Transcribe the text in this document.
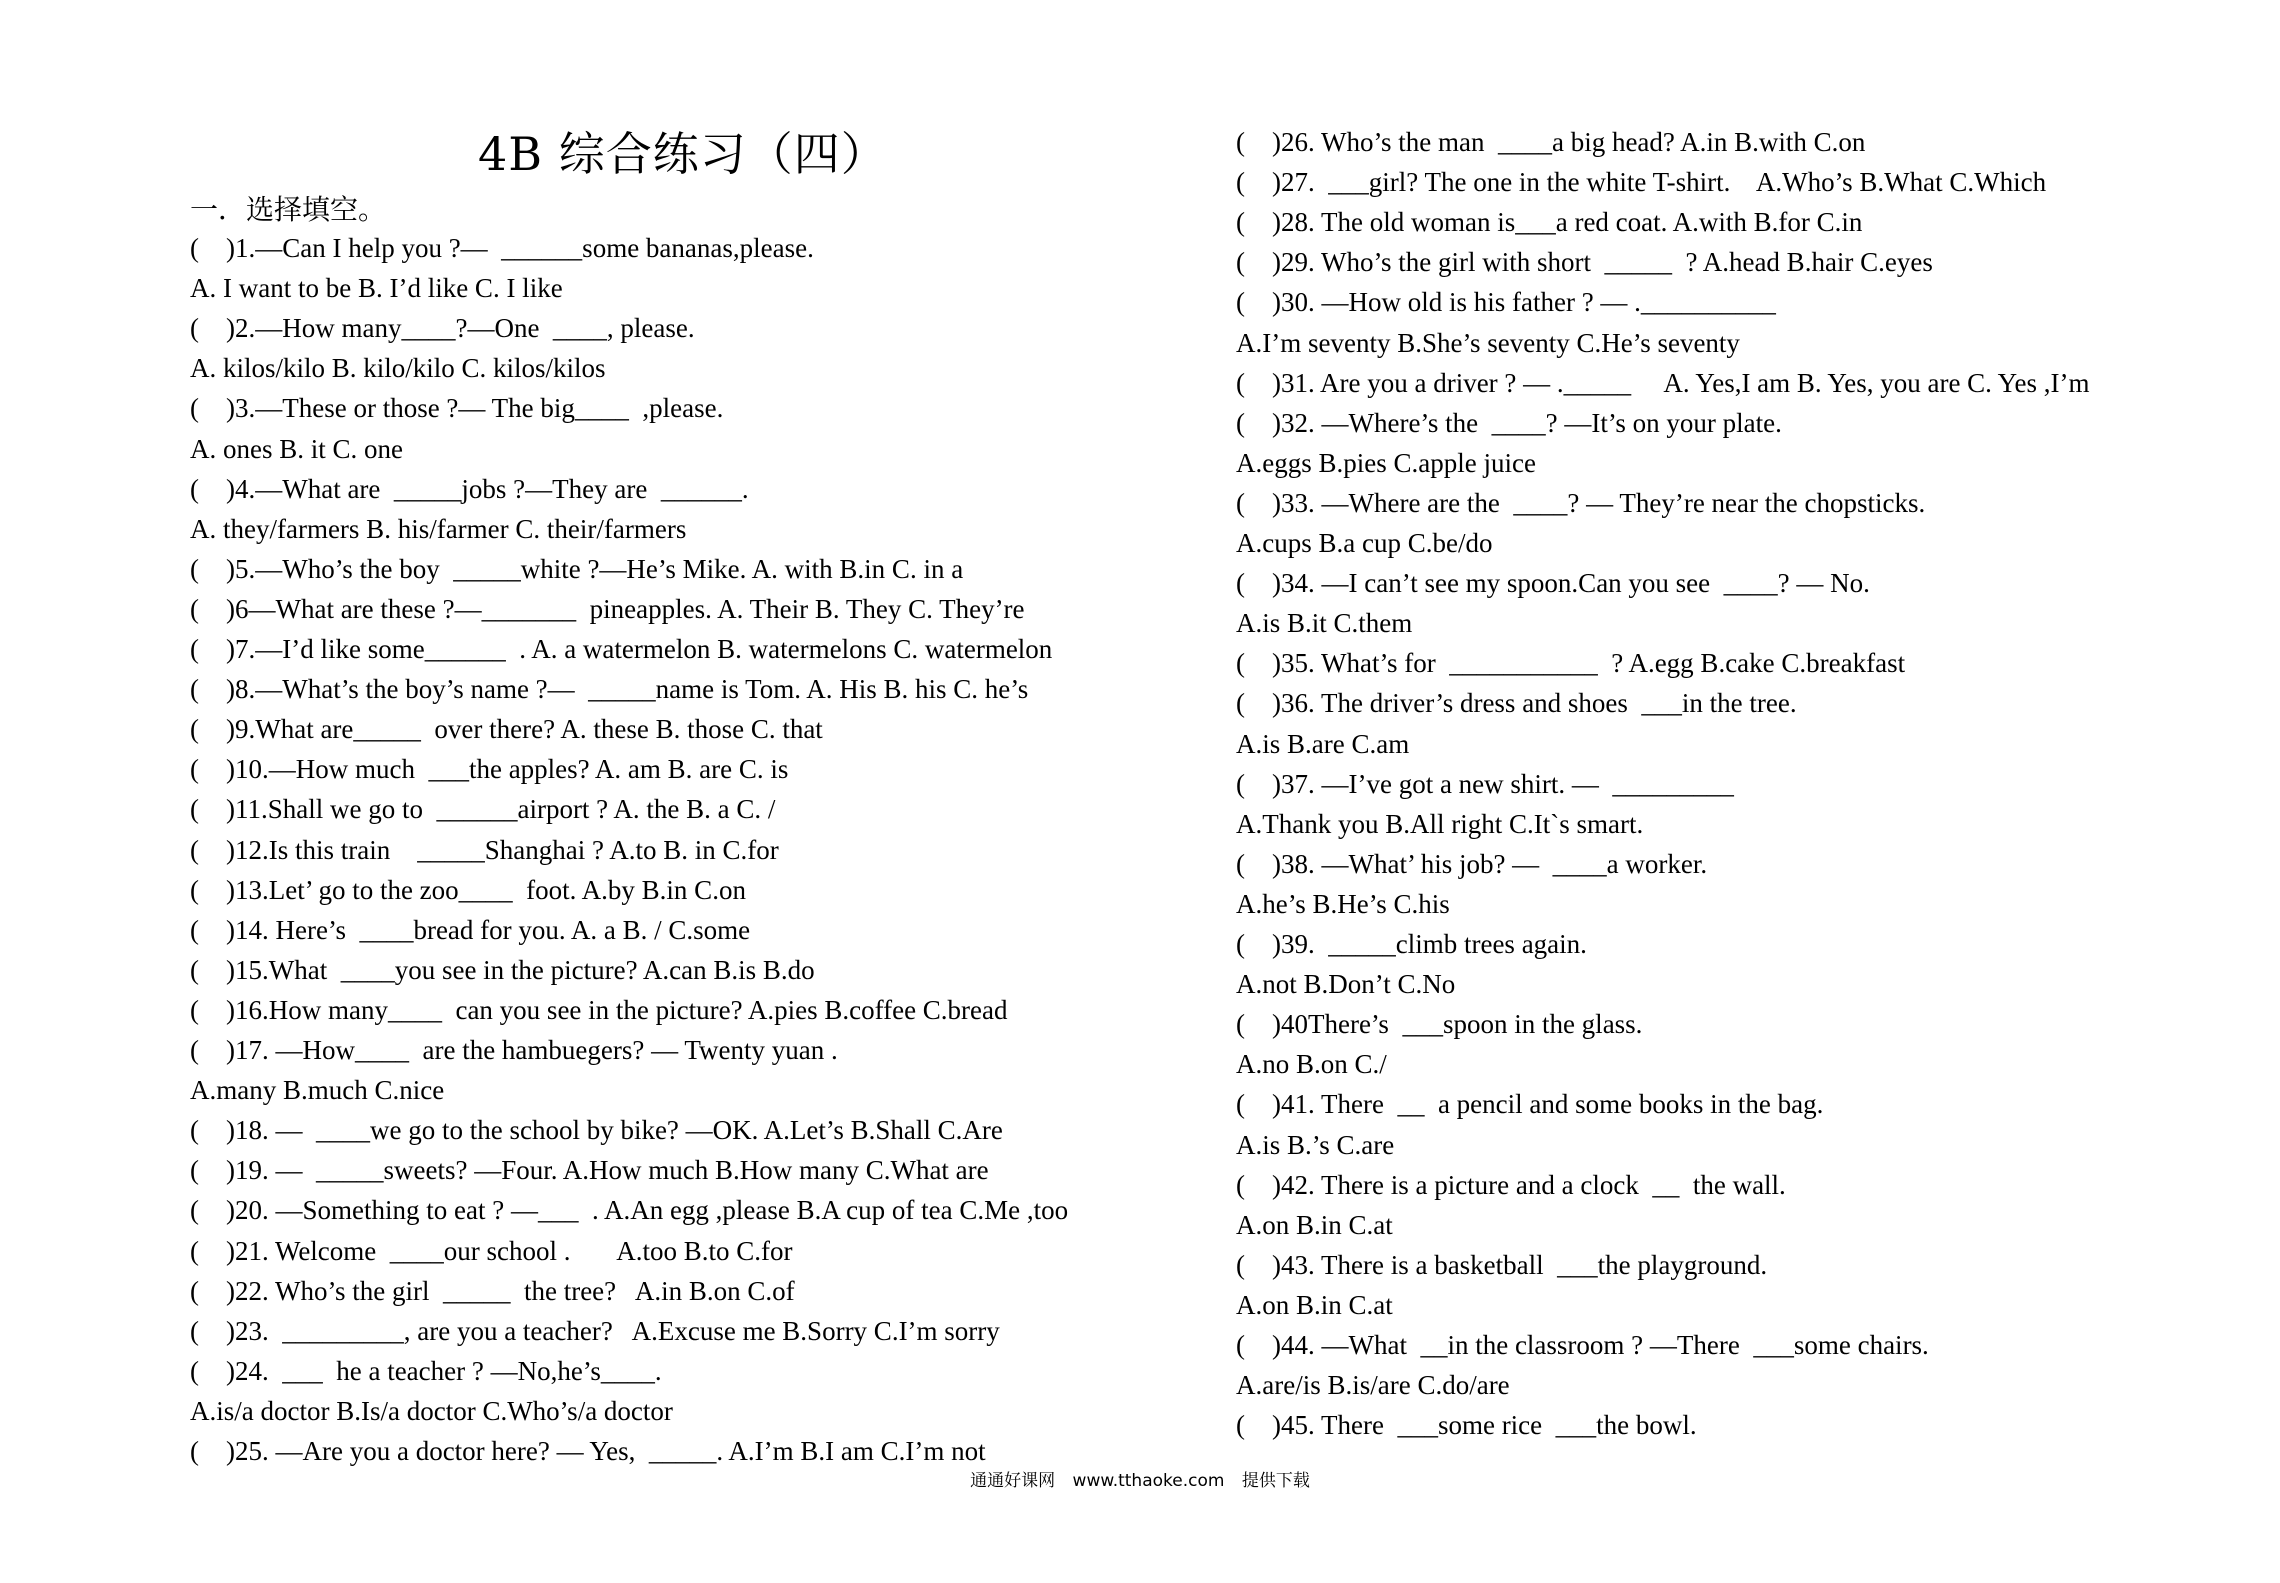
4B 综合练习（四）
一．选择填空。
(    )1.—Can I help you ?—  ______some bananas,please.
A. I want to be B. I’d like C. I like
(    )2.—How many____?—One  ____, please.
A. kilos/kilo B. kilo/kilo C. kilos/kilos
(    )3.—These or those ?— The big____  ,please.
A. ones B. it C. one
(    )4.—What are  _____jobs ?—They are  ______.
A. they/farmers B. his/farmer C. their/farmers
(    )5.—Who’s the boy  _____white ?—He’s Mike. A. with B.in C. in a
(    )6—What are these ?—_______  pineapples. A. Their B. They C. They’re
(    )7.—I’d like some______  . A. a watermelon B. watermelons C. watermelon
(    )8.—What’s the boy’s name ?—  _____name is Tom. A. His B. his C. he’s
(    )9.What are_____  over there? A. these B. those C. that
(    )10.—How much  ___the apples? A. am B. are C. is
(    )11.Shall we go to  ______airport ? A. the B. a C. /
(    )12.Is this train    _____Shanghai ? A.to B. in C.for
(    )13.Let’ go to the zoo____  foot. A.by B.in C.on
(    )14. Here’s  ____bread for you. A. a B. / C.some
(    )15.What  ____you see in the picture? A.can B.is B.do
(    )16.How many____  can you see in the picture? A.pies B.coffee C.bread
(    )17. —How____  are the hambuegers? — Twenty yuan .
A.many B.much C.nice
(    )18. —  ____we go to the school by bike? —OK. A.Let’s B.Shall C.Are
(    )19. —  _____sweets? —Four. A.How much B.How many C.What are
(    )20. —Something to eat ? —___  . A.An egg ,please B.A cup of tea C.Me ,too
(    )21. Welcome  ____our school .       A.too B.to C.for
(    )22. Who’s the girl  _____  the tree?   A.in B.on C.of
(    )23.  _________, are you a teacher?   A.Excuse me B.Sorry C.I’m sorry
(    )24.  ___  he a teacher ? —No,he’s____.
A.is/a doctor B.Is/a doctor C.Who’s/a doctor
(    )25. —Are you a doctor here? — Yes,  _____. A.I’m B.I am C.I’m not
(    )26. Who’s the man  ____a big head? A.in B.with C.on
(    )27.  ___girl? The one in the white T-shirt.    A.Who’s B.What C.Which
(    )28. The old woman is___a red coat. A.with B.for C.in
(    )29. Who’s the girl with short  _____  ? A.head B.hair C.eyes
(    )30. —How old is his father ? — .__________
A.I’m seventy B.She’s seventy C.He’s seventy
(    )31. Are you a driver ? — ._____     A. Yes,I am B. Yes, you are C. Yes ,I’m
(    )32. —Where’s the  ____? —It’s on your plate.
A.eggs B.pies C.apple juice
(    )33. —Where are the  ____? — They’re near the chopsticks.
A.cups B.a cup C.be/do
(    )34. —I can’t see my spoon.Can you see  ____? — No.
A.is B.it C.them
(    )35. What’s for  ___________  ? A.egg B.cake C.breakfast
(    )36. The driver’s dress and shoes  ___in the tree.
A.is B.are C.am
(    )37. —I’ve got a new shirt. —  _________
A.Thank you B.All right C.It`s smart.
(    )38. —What’ his job? —  ____a worker.
A.he’s B.He’s C.his
(    )39.  _____climb trees again.
A.not B.Don’t C.No
(    )40There’s  ___spoon in the glass.
A.no B.on C./
(    )41. There  __  a pencil and some books in the bag.
A.is B.’s C.are
(    )42. There is a picture and a clock  __  the wall.
A.on B.in C.at
(    )43. There is a basketball  ___the playground.
A.on B.in C.at
(    )44. —What  __in the classroom ? —There  ___some chairs.
A.are/is B.is/are C.do/are
(    )45. There  ___some rice  ___the bowl.
通通好课网 www.tthaoke.com 提供下载
